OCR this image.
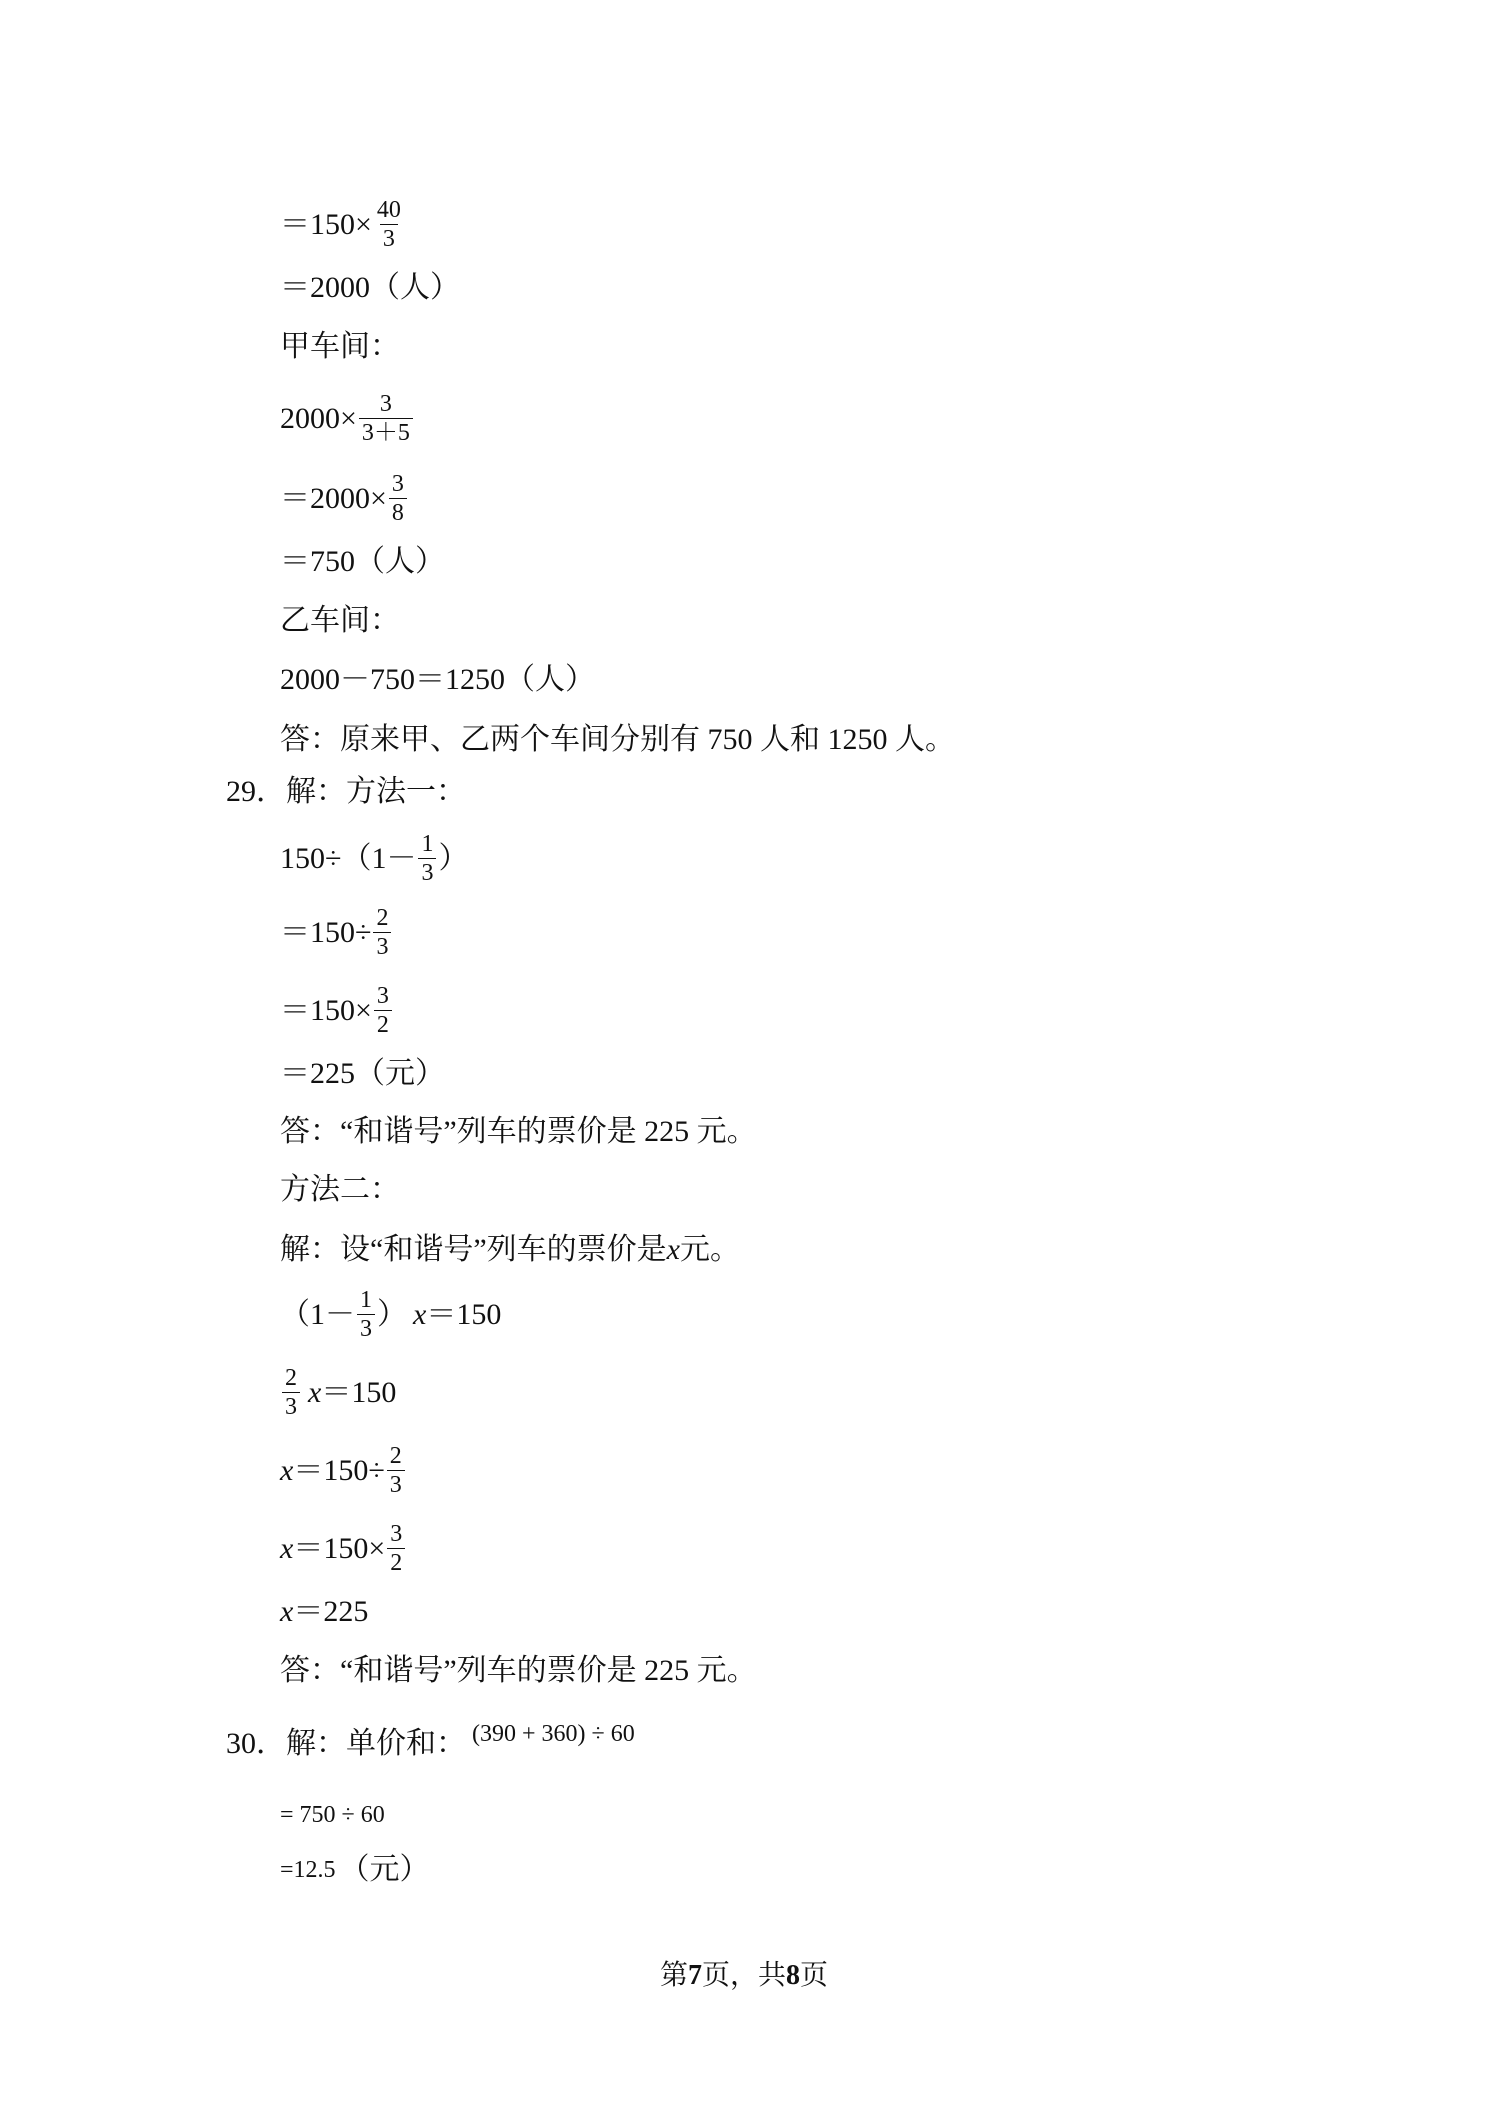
$=150\times \frac{40}{3}$
＝2000（人）
甲车间：
$2000\times \frac{3}{3+5}$
$=2000\times \frac{3}{8}$
＝750（人）
乙车间：
2000－750＝1250（人）
答：原来甲、乙两个车间分别有 750 人和 1250 人。
29． 解：方法一：
$150\div(1- \frac{1}{3}$ ）
$=150\div \frac{2}{3}$
$=150\times \frac{3}{2}$
＝225（元）
答：“和谐号”列车的票价是 225 元。
方法二：
解：设“和谐号”列车的票价是 x 元。
（$1- \frac{1}{3}$ ） x ＝150
$\frac{2}{3}$ x ＝150
$x =150\div \frac{2}{3}$
$x =150\times \frac{3}{2}$
x ＝225
答：“和谐号”列车的票价是 225 元。
30． 解：单价和： (390 + 360) ÷ 60
= 750 ÷ 60
=12.5 （元）
第7页，共8页
